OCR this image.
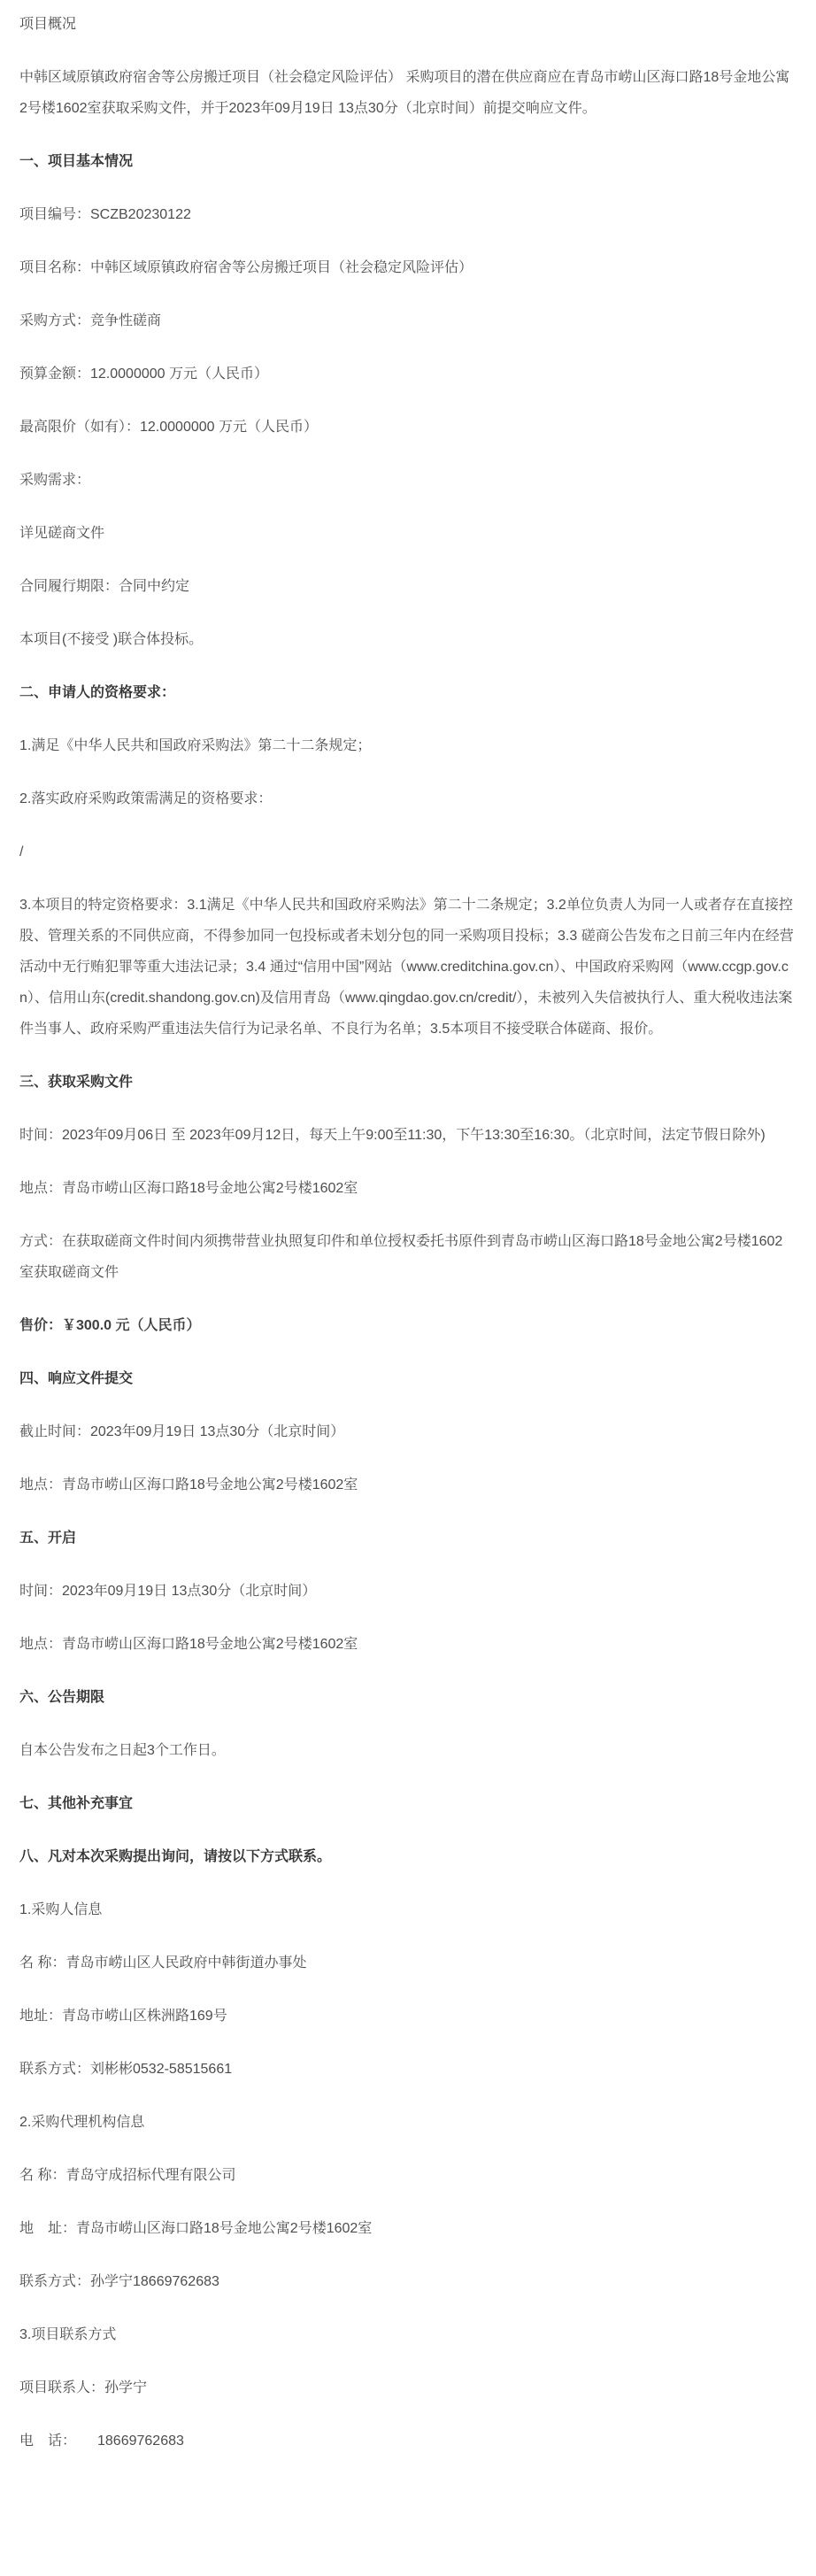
项目概况

中韩区域原镇政府宿舍等公房搬迁项目（社会稳定风险评估） 采购项目的潜在供应商应在青岛市崂山区海口路18号金地公寓2号楼1602室获取采购文件，并于2023年09月19日 13点30分（北京时间）前提交响应文件。

一、项目基本情况

项目编号：SCZB20230122

项目名称：中韩区域原镇政府宿舍等公房搬迁项目（社会稳定风险评估）

采购方式：竞争性磋商

预算金额：12.0000000 万元（人民币）

最高限价（如有）：12.0000000 万元（人民币）

采购需求：

详见磋商文件

合同履行期限：合同中约定

本项目(不接受 )联合体投标。

二、申请人的资格要求：

1.满足《中华人民共和国政府采购法》第二十二条规定；

2.落实政府采购政策需满足的资格要求：

/

3.本项目的特定资格要求：3.1满足《中华人民共和国政府采购法》第二十二条规定；3.2单位负责人为同一人或者存在直接控股、管理关系的不同供应商，不得参加同一包投标或者未划分包的同一采购项目投标；3.3 磋商公告发布之日前三年内在经营活动中无行贿犯罪等重大违法记录；3.4 通过“信用中国”网站（www.creditchina.gov.cn）、中国政府采购网（www.ccgp.gov.cn）、信用山东(credit.shandong.gov.cn)及信用青岛（www.qingdao.gov.cn/credit/），未被列入失信被执行人、重大税收违法案件当事人、政府采购严重违法失信行为记录名单、不良行为名单；3.5本项目不接受联合体磋商、报价。

三、获取采购文件

时间：2023年09月06日 至 2023年09月12日，每天上午9:00至11:30，下午13:30至16:30。（北京时间，法定节假日除外)

地点：青岛市崂山区海口路18号金地公寓2号楼1602室

方式：在获取磋商文件时间内须携带营业执照复印件和单位授权委托书原件到青岛市崂山区海口路18号金地公寓2号楼1602室获取磋商文件

售价：￥300.0 元（人民币）

四、响应文件提交

截止时间：2023年09月19日 13点30分（北京时间）

地点：青岛市崂山区海口路18号金地公寓2号楼1602室

五、开启

时间：2023年09月19日 13点30分（北京时间）

地点：青岛市崂山区海口路18号金地公寓2号楼1602室

六、公告期限

自本公告发布之日起3个工作日。

七、其他补充事宜

八、凡对本次采购提出询问，请按以下方式联系。

1.采购人信息

名 称：青岛市崂山区人民政府中韩街道办事处

地址：青岛市崂山区株洲路169号

联系方式：刘彬彬0532-58515661

2.采购代理机构信息

名 称：青岛守成招标代理有限公司

地　址：青岛市崂山区海口路18号金地公寓2号楼1602室

联系方式：孙学宁18669762683

3.项目联系方式

项目联系人：孙学宁

电　话：　　18669762683
